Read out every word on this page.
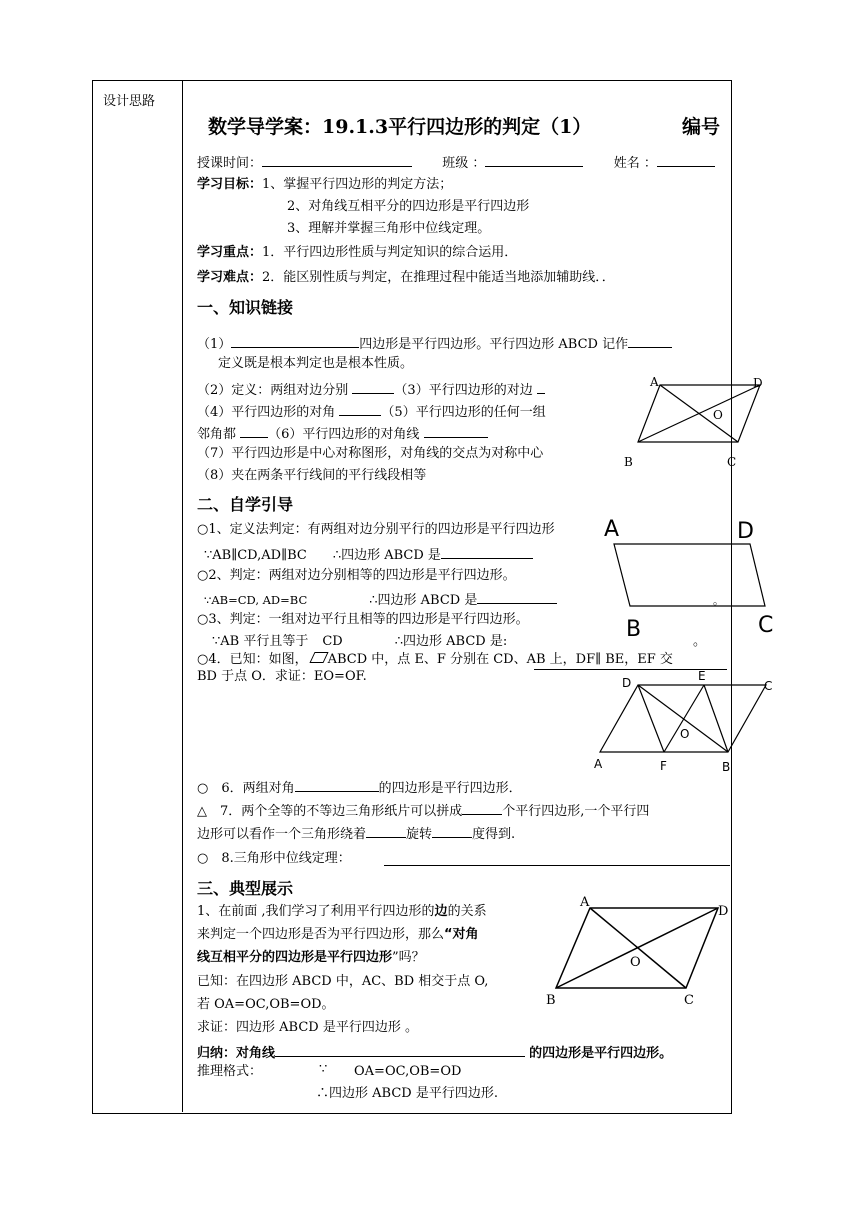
设计思路
数学导学案：19.1.3平行四边形的判定（1）	编号
授课时间：	班级 ：	姓名 ：
学习目标：1、掌握平行四边形的判定方法；
2、对角线互相平分的四边形是平行四边形
3、理解并掌握三角形中位线定理。
学习重点：1．平行四边形性质与判定知识的综合运用．
学习难点：2．能区别性质与判定，在推理过程中能适当地添加辅助线．．
一、知识链接
（1）	四边形是平行四边形。平行四边形 ABCD 记作
定义既是根本判定也是根本性质。
（2）定义：两组对边分别	（3）平行四边形的对边
（4）平行四边形的对角	（5）平行四边形的任何一组
邻角都 （6）平行四边形的对角线
（7）平行四边形是中心对称图形，对角线的交点为对称中心
（8）夹在两条平行线间的平行线段相等
A	D
O
B	C
二、自学引导
○1、定义法判定：有两组对边分别平行的四边形是平行四边形
∵AB∥CD,AD∥BC ∴四边形 ABCD 是
○2、判定：两组对边分别相等的四边形是平行四边形。
∵AB=CD, AD=BC	∴四边形 ABCD 是
○3、判定：一组对边平行且相等的四边形是平行四边形。
∵AB 平行且等于 CD	∴四边形 ABCD 是:	。
○4．已知：如图， ABCD 中，点 E、F 分别在 CD、AB 上，DF∥ BE，EF 交
BD 于点 O．求证：EO=OF.
A	D
B	C
。
D	E
C
O
A	F	B
○　6．两组对角	的四边形是平行四边形．
△　7．两个全等的不等边三角形纸片可以拼成	个平行四边形,一个平行四
边形可以看作一个三角形绕着	旋转	度得到.
○　8.三角形中位线定理：
三、典型展示
1、在前面 ,我们学习了利用平行四边形的边的关系
来判定一个四边形是否为平行四边形，那么“对角
线互相平分的四边形是平行四边形”吗？
已知：在四边形 ABCD 中，AC、BD 相交于点 O,
若 OA=OC,OB=OD。
求证：四边形 ABCD 是平行四边形 。
归纳：对角线	的四边形是平行四边形。
推理格式：	∵ OA=OC,OB=OD
∴四边形 ABCD 是平行四边形.
A
D
O
B	C
